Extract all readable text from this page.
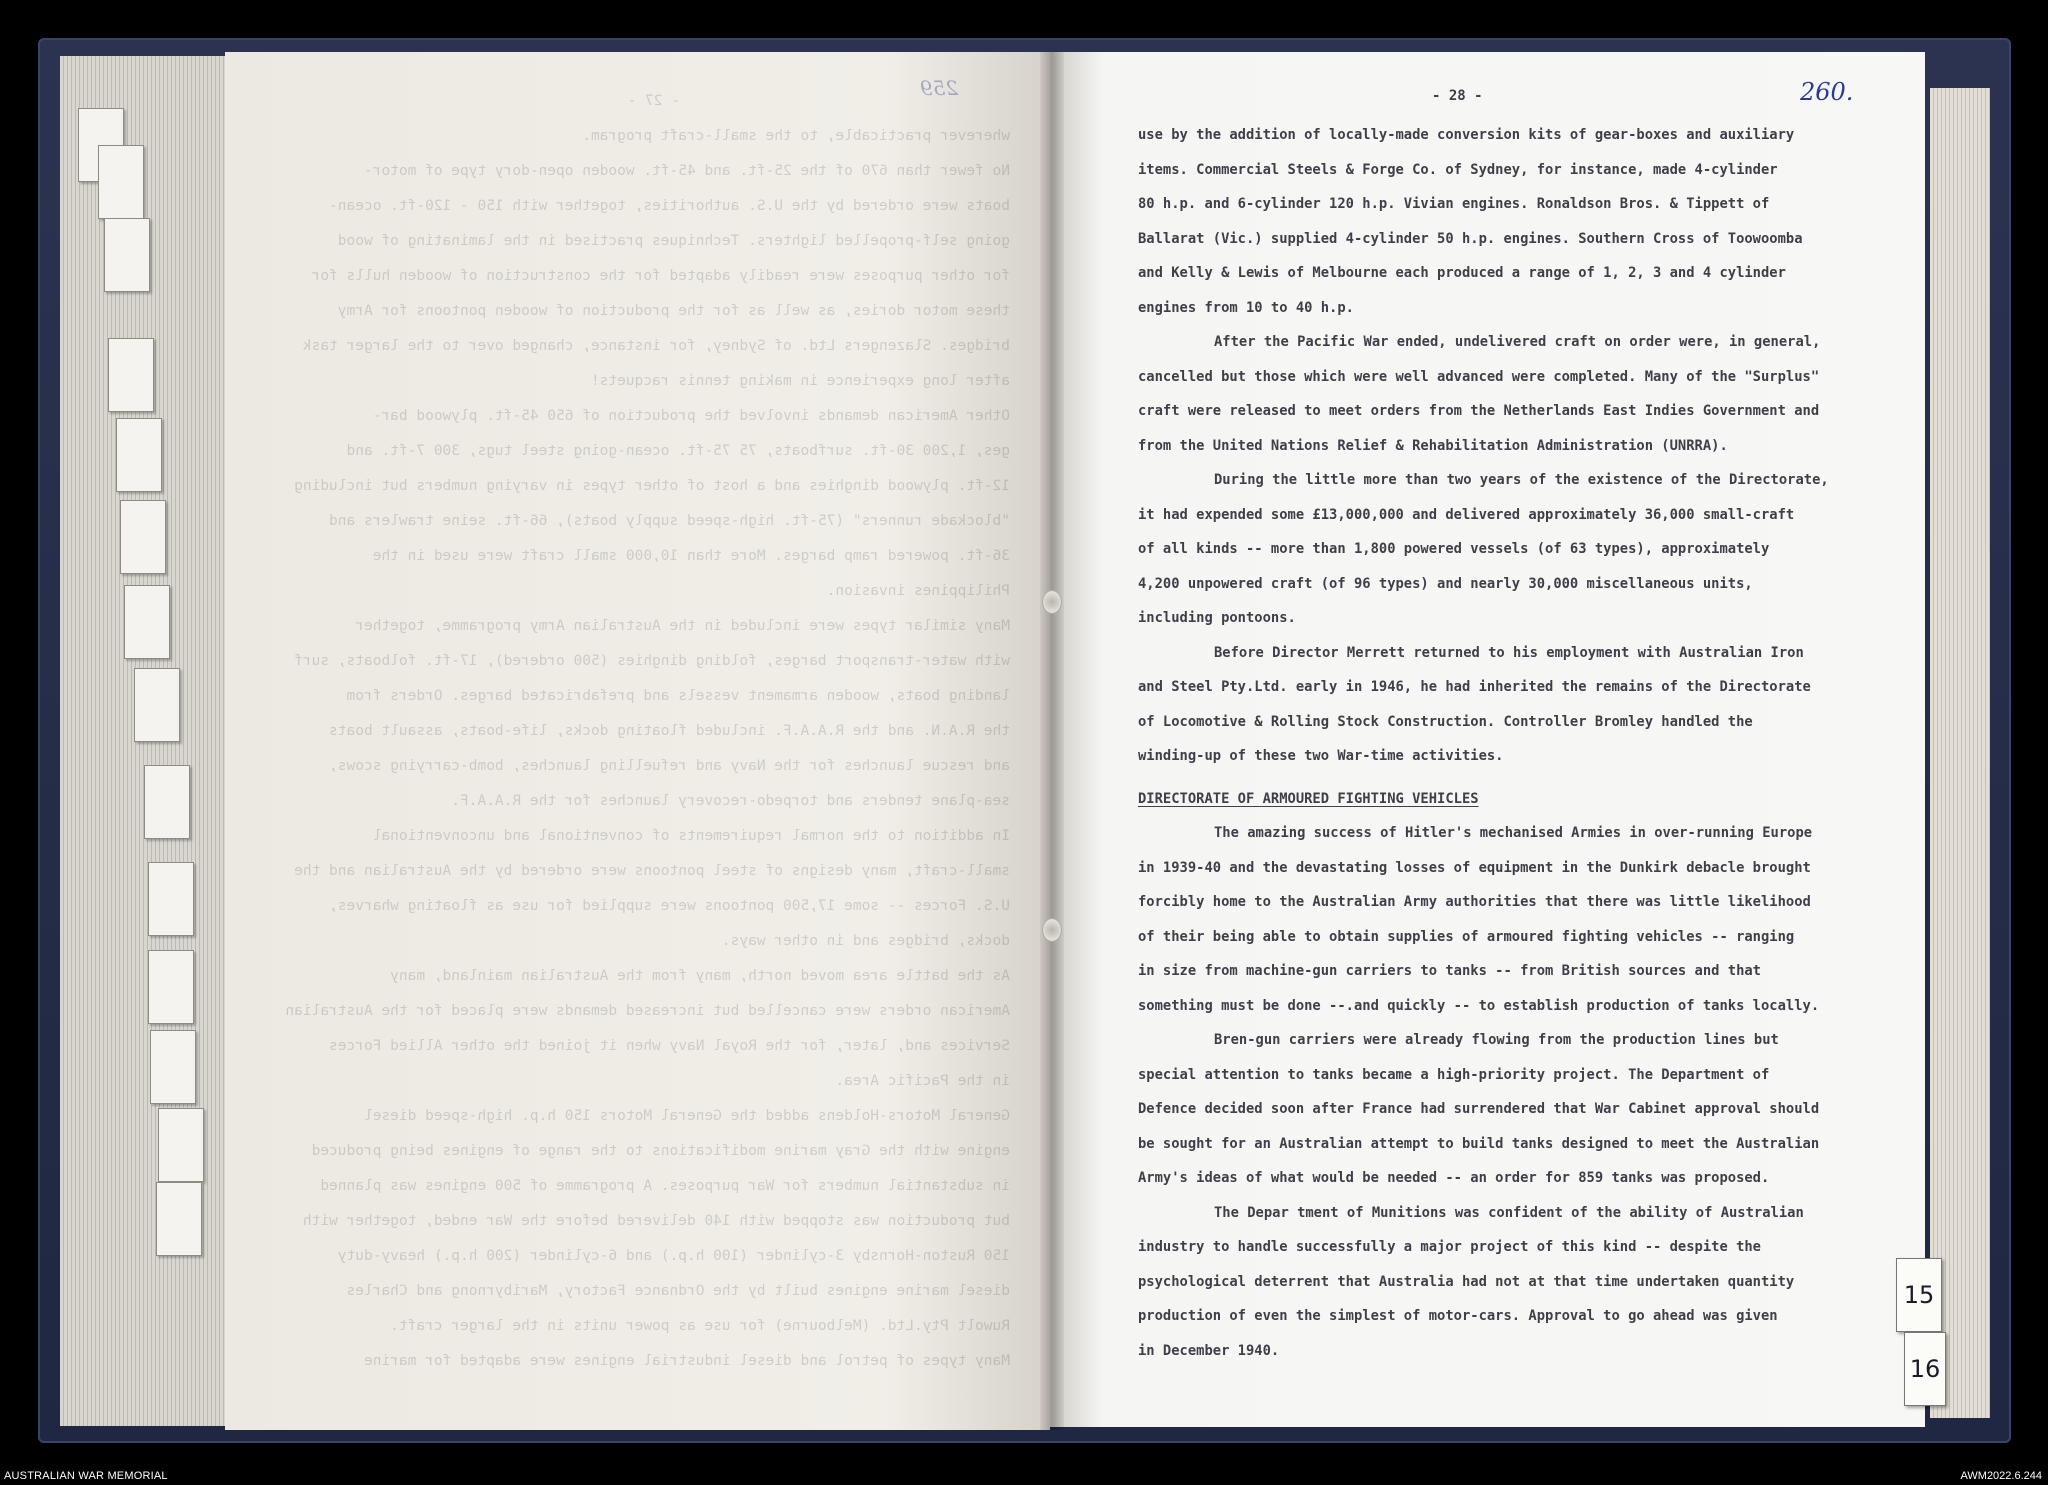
- 27 -
wherever practicable, to the small-craft program.
No fewer than 670 of the 25-ft. and 45-ft. wooden open-dory type of motor-
boats were ordered by the U.S. authorities, together with 150 - 120-ft. ocean-
going self-propelled lighters. Techniques practised in the laminating of wood
for other purposes were readily adapted for the construction of wooden hulls for
these motor dories, as well as for the production of wooden pontoons for Army
bridges. Slazengers Ltd. of Sydney, for instance, changed over to the larger task
after long experience in making tennis racquets!
Other American demands involved the production of 650 45-ft. plywood bar-
ges, 1,200 30-ft. surfboats, 75 75-ft. ocean-going steel tugs, 300 7-ft. and
12-ft. plywood dinghies and a host of other types in varying numbers but including
"blockade runners" (75-ft. high-speed supply boats), 66-ft. seine trawlers and
36-ft. powered ramp barges. More than 10,000 small craft were used in the
Philippines invasion.
Many similar types were included in the Australian Army programme, together
with water-transport barges, folding dinghies (500 ordered), 17-ft. folboats, surf
landing boats, wooden armament vessels and prefabricated barges. Orders from
the R.A.N. and the R.A.A.F. included floating docks, life-boats, assault boats
and rescue launches for the Navy and refuelling launches, bomb-carrying scows,
sea-plane tenders and torpedo-recovery launches for the R.A.A.F.
In addition to the normal requirements of conventional and unconventional
small-craft, many designs of steel pontoons were ordered by the Australian and the
U.S. Forces -- some 17,500 pontoons were supplied for use as floating wharves,
docks, bridges and in other ways.
As the battle area moved north, many from the Australian mainland, many
American orders were cancelled but increased demands were placed for the Australian
Services and, later, for the Royal Navy when it joined the other Allied Forces
in the Pacific Area.
General Motors-Holdens added the General Motors 150 h.p. high-speed diesel
engine with the Gray marine modifications to the range of engines being produced
in substantial numbers for War purposes. A programme of 500 engines was planned
but production was stopped with 140 delivered before the War ended, together with
150 Ruston-Hornsby 3-cylinder (100 h.p.) and 6-cylinder (200 h.p.) heavy-duty
diesel marine engines built by the Ordnance Factory, Maribyrnong and Charles
Ruwolt Pty.Ltd. (Melbourne) for use as power units in the larger craft.
Many types of petrol and diesel industrial engines were adapted for marine
259	- 28 -	260.
use by the addition of locally-made conversion kits of gear-boxes and auxiliary
items. Commercial Steels & Forge Co. of Sydney, for instance, made 4-cylinder
80 h.p. and 6-cylinder 120 h.p. Vivian engines. Ronaldson Bros. & Tippett of
Ballarat (Vic.) supplied 4-cylinder 50 h.p. engines. Southern Cross of Toowoomba
and Kelly & Lewis of Melbourne each produced a range of 1, 2, 3 and 4 cylinder
engines from 10 to 40 h.p.
After the Pacific War ended, undelivered craft on order were, in general,
cancelled but those which were well advanced were completed. Many of the "Surplus"
craft were released to meet orders from the Netherlands East Indies Government and
from the United Nations Relief & Rehabilitation Administration (UNRRA).
During the little more than two years of the existence of the Directorate,
it had expended some £13,000,000 and delivered approximately 36,000 small-craft
of all kinds -- more than 1,800 powered vessels (of 63 types), approximately
4,200 unpowered craft (of 96 types) and nearly 30,000 miscellaneous units,
including pontoons.
Before Director Merrett returned to his employment with Australian Iron
and Steel Pty.Ltd. early in 1946, he had inherited the remains of the Directorate
of Locomotive & Rolling Stock Construction. Controller Bromley handled the
winding-up of these two War-time activities.
DIRECTORATE OF ARMOURED FIGHTING VEHICLES
The amazing success of Hitler's mechanised Armies in over-running Europe
in 1939-40 and the devastating losses of equipment in the Dunkirk debacle brought
forcibly home to the Australian Army authorities that there was little likelihood
of their being able to obtain supplies of armoured fighting vehicles -- ranging
in size from machine-gun carriers to tanks -- from British sources and that
something must be done --.and quickly -- to establish production of tanks locally.
Bren-gun carriers were already flowing from the production lines but
special attention to tanks became a high-priority project. The Department of
Defence decided soon after France had surrendered that War Cabinet approval should
be sought for an Australian attempt to build tanks designed to meet the Australian
Army's ideas of what would be needed -- an order for 859 tanks was proposed.
The Depar tment of Munitions was confident of the ability of Australian
industry to handle successfully a major project of this kind -- despite the
psychological deterrent that Australia had not at that time undertaken quantity
production of even the simplest of motor-cars. Approval to go ahead was given
in December 1940.
15
16
AUSTRALIAN WAR MEMORIAL	AWM2022.6.244
